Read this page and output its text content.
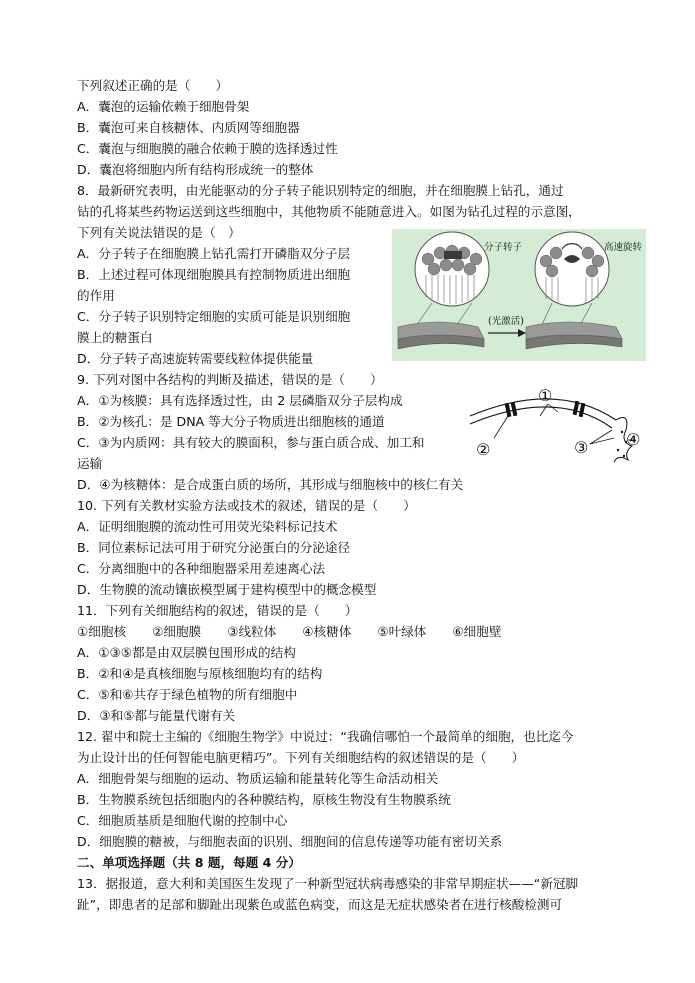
下列叙述正确的是（　　）
A．囊泡的运输依赖于细胞骨架
B．囊泡可来自核糖体、内质网等细胞器
C．囊泡与细胞膜的融合依赖于膜的选择透过性
D．囊泡将细胞内所有结构形成统一的整体
8．最新研究表明，由光能驱动的分子转子能识别特定的细胞，并在细胞膜上钻孔，通过
钻的孔将某些药物运送到这些细胞中，其他物质不能随意进入。如图为钻孔过程的示意图，
下列有关说法错误的是（　）
A．分子转子在细胞膜上钻孔需打开磷脂双分子层
B．上述过程可体现细胞膜具有控制物质进出细胞
的作用
C．分子转子识别特定细胞的实质可能是识别细胞
膜上的糖蛋白
D．分子转子高速旋转需要线粒体提供能量
分子转子	高速旋转
(光激活)
9. 下列对图中各结构的判断及描述，错误的是（　　）
A．①为核膜：具有选择透过性，由 2 层磷脂双分子层构成
B．②为核孔：是 DNA 等大分子物质进出细胞核的通道
C．③为内质网：具有较大的膜面积，参与蛋白质合成、加工和
运输
D．④为核糖体：是合成蛋白质的场所，其形成与细胞核中的核仁有关
①
②	③ ④
10. 下列有关教材实验方法或技术的叙述，错误的是（　　）
A．证明细胞膜的流动性可用荧光染料标记技术
B．同位素标记法可用于研究分泌蛋白的分泌途径
C．分离细胞中的各种细胞器采用差速离心法
D．生物膜的流动镶嵌模型属于建构模型中的概念模型
11．下列有关细胞结构的叙述，错误的是（　　）
①细胞核 ②细胞膜 ③线粒体 ④核糖体 ⑤叶绿体 ⑥细胞壁
A．①③⑤都是由双层膜包围形成的结构
B．②和④是真核细胞与原核细胞均有的结构
C．⑤和⑥共存于绿色植物的所有细胞中
D．③和⑤都与能量代谢有关
12. 翟中和院士主编的《细胞生物学》中说过：“我确信哪怕一个最简单的细胞，也比迄今
为止设计出的任何智能电脑更精巧”。下列有关细胞结构的叙述错误的是（　　）
A．细胞骨架与细胞的运动、物质运输和能量转化等生命活动相关
B．生物膜系统包括细胞内的各种膜结构，原核生物没有生物膜系统
C．细胞质基质是细胞代谢的控制中心
D．细胞膜的糖被，与细胞表面的识别、细胞间的信息传递等功能有密切关系
二、单项选择题（共 8 题，每题 4 分）
13．据报道，意大利和美国医生发现了一种新型冠状病毒感染的非常早期症状——“新冠脚
趾”，即患者的足部和脚趾出现紫色或蓝色病变，而这是无症状感染者在进行核酸检测可
